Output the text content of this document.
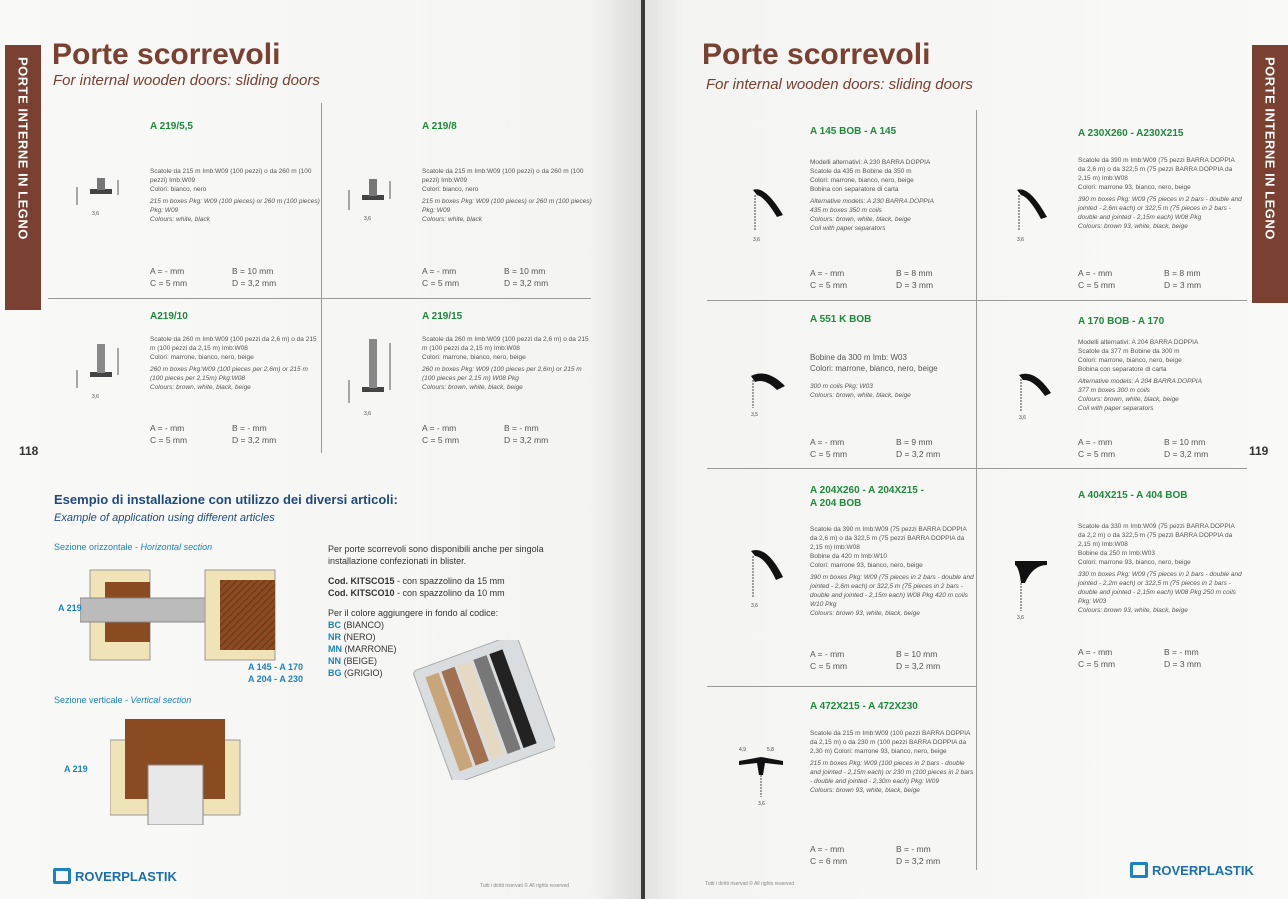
PORTE INTERNE IN LEGNO
Porte scorrevoli
For internal wooden doors: sliding doors
A 219/5,5
3,6
Scatole da 215 m Imb:W09 (100 pezzi) o da 260 m (100 pezzi) Imb:W09
Colori: bianco, nero
215 m boxes Pkg: W09 (100 pieces) or 260 m (100 pieces) Pkg: W09
Colours: white, black
A = - mm	B = 10 mm
C = 5 mm	D = 3,2 mm
A 219/8
3,6
Scatole da 215 m Imb:W09 (100 pezzi) o da 260 m (100 pezzi) Imb:W09
Colori: bianco, nero
215 m boxes Pkg: W09 (100 pieces) or 260 m (100 pieces) Pkg: W09
Colours: white, black
A = - mm	B = 10 mm
C = 5 mm	D = 3,2 mm
A219/10
3,6
Scatole da 260 m Imb:W09 (100 pezzi da 2,6 m) o da 215 m (100 pezzi da 2,15 m) Imb:W08
Colori: marrone, bianco, nero, beige
260 m boxes Pkg:W09 (100 pieces per 2,6m) or 215 m (100 pieces per 2,15m) Pkg:W08
Colours: brown, white, black, beige
A = - mm	B = - mm
C = 5 mm	D = 3,2 mm
A 219/15
3,6
Scatole da 260 m Imb:W09 (100 pezzi da 2,6 m) o da 215 m (100 pezzi da 2,15 m) Imb:W08
Colori: marrone, bianco, nero, beige
260 m boxes Pkg: W09 (100 pieces per 2,6m) or 215 m (100 pieces per 2,15 m) W08 Pkg
Colours: brown, white, black, beige
A = - mm	B = - mm
C = 5 mm	D = 3,2 mm
118
Esempio di installazione con utilizzo dei diversi articoli:
Example of application using different articles
Sezione orizzontale - Horizontal section
A 219
A 145 - A 170
A 204 - A 230
Sezione verticale - Vertical section
A 219
Per porte scorrevoli sono disponibili anche per singola installazione confezionati in blister.
Cod. KITSCO15 - con spazzolino da 15 mm
Cod. KITSCO10 - con spazzolino da 10 mm
Per il colore aggiungere in fondo al codice:
BC (BIANCO)
NR (NERO)
MN (MARRONE)
NN (BEIGE)
BG (GRIGIO)
ROVERPLASTIK
Tutti i diritti riservati © All rights reserved
PORTE INTERNE IN LEGNO
Porte scorrevoli
For internal wooden doors: sliding doors
A 145 BOB - A 145
3,6
Modelli alternativi: A 230 BARRA DOPPIA
Scatole da 435 m Bobine da 350 m
Colori: marrone, bianco, nero, beige
Bobina con separatore di carta
Alternative models: A 230 BARRA DOPPIA
435 m boxes 350 m coils
Colours: brown, white, black, beige
Coil with paper separators
A = - mm	B = 8 mm
C = 5 mm	D = 3 mm
A 230X260 - A230X215
3,6
Scatole da 390 m Imb:W09 (75 pezzi BARRA DOPPIA da 2,6 m) o da 322,5 m (75 pezzi BARRA DOPPIA da 2,15 m) Imb:W08
Colori: marrone 93, bianco, nero, beige
390 m boxes Pkg: W09 (75 pieces in 2 bars - double and jointed - 2,6m each) or 322,5 m (75 pieces in 2 bars - double and jointed - 2,15m each) W08 Pkg
Colours: brown 93, white, black, beige
A = - mm	B = 8 mm
C = 5 mm	D = 3 mm
A 551 K BOB
3,5
Bobine da 300 m Imb: W03
Colori: marrone, bianco, nero, beige
300 m coils Pkg: W03
Colours: brown, white, black, beige
A = - mm	B = 9 mm
C = 5 mm	D = 3,2 mm
A 170 BOB - A 170
3,6
Modelli alternativi: A 204 BARRA DOPPIA
Scatole da 377 m Bobine da 300 m
Colori: marrone, bianco, nero, beige
Bobina con separatore di carta
Alternative models: A 204 BARRA DOPPIA
377 m boxes 300 m coils
Colours: brown, white, black, beige
Coil with paper separators
A = - mm	B = 10 mm
C = 5 mm	D = 3,2 mm
A 204X260 - A 204X215 -
A 204 BOB
3,6
Scatole da 390 m Imb:W09 (75 pezzi BARRA DOPPIA da 2,6 m) o da 322,5 m (75 pezzi BARRA DOPPIA da 2,15 m) Imb:W08
Bobine da 420 m Imb:W10
Colori: marrone 93, bianco, nero, beige
390 m boxes Pkg: W09 (75 pieces in 2 bars - double and jointed - 2,6m each) or 322,5 m (75 pieces in 2 bars - double and jointed - 2,15m each) W08 Pkg 420 m coils W10 Pkg
Colours: brown 93, white, black, beige
A = - mm	B = 10 mm
C = 5 mm	D = 3,2 mm
A 404X215 - A 404 BOB
3,6
Scatole da 330 m Imb:W09 (75 pezzi BARRA DOPPIA da 2,2 m) o da 322,5 m (75 pezzi BARRA DOPPIA da 2,15 m) Imb:W08
Bobine da 250 m Imb:W03
Colori: marrone 93, bianco, nero, beige
330 m boxes Pkg: W09 (75 pieces in 2 bars - double and jointed - 2,2m each) or 322,5 m (75 pieces in 2 bars - double and jointed - 2,15m each) W08 Pkg 250 m coils Pkg: W03
Colours: brown 93, white, black, beige
A = - mm	B = - mm
C = 5 mm	D = 3 mm
A 472X215 - A 472X230
4,9	5,8
3,6
Scatole da 215 m Imb:W09 (100 pezzi BARRA DOPPIA da 2,15 m) o da 230 m (100 pezzi BARRA DOPPIA da 2,30 m) Colori: marrone 93, bianco, nero, beige
215 m boxes Pkg: W09 (100 pieces in 2 bars - double and jointed - 2,15m each) or 230 m (100 pieces in 2 bars - double and jointed - 2,30m each) Pkg: W09
Colours: brown 93, white, black, beige
A = - mm	B = - mm
C = 6 mm	D = 3,2 mm
119
Tutti i diritti riservati © All rights reserved
ROVERPLASTIK
